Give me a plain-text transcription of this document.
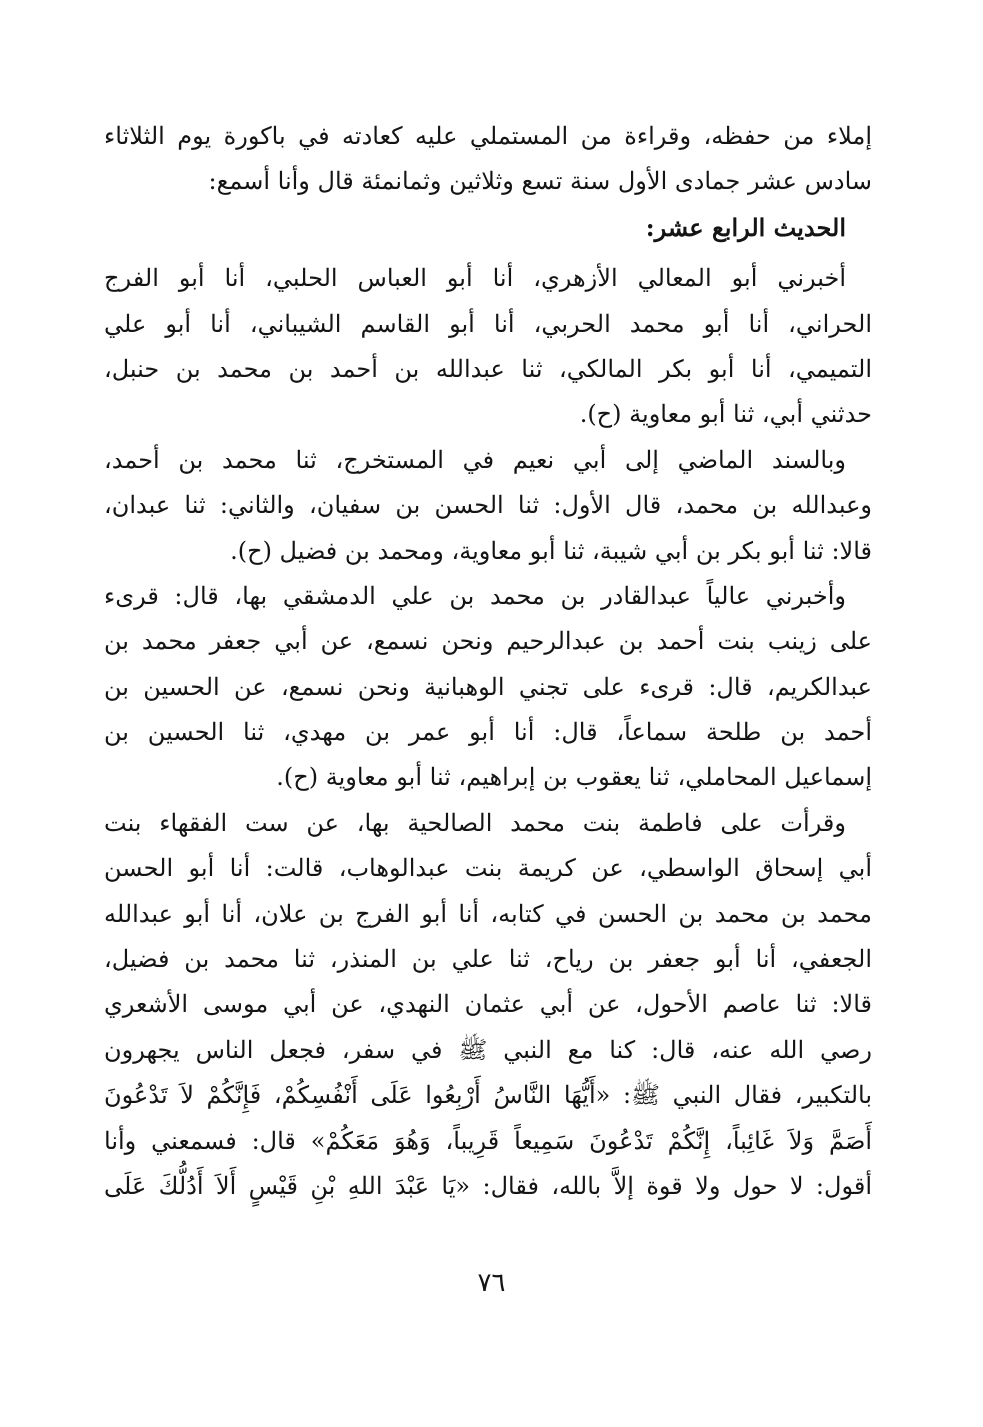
إملاء من حفظه، وقراءة من المستملي عليه كعادته في باكورة يوم الثلاثاء
سادس عشر جمادى الأول سنة تسع وثلاثين وثمانمئة قال وأنا أسمع:
الحديث الرابع عشر:
أخبرني أبو المعالي الأزهري، أنا أبو العباس الحلبي، أنا أبو الفرج
الحراني، أنا أبو محمد الحربي، أنا أبو القاسم الشيباني، أنا أبو علي
التميمي، أنا أبو بكر المالكي، ثنا عبدالله بن أحمد بن محمد بن حنبل،
حدثني أبي، ثنا أبو معاوية (ح).
وبالسند الماضي إلى أبي نعيم في المستخرج، ثنا محمد بن أحمد،
وعبدالله بن محمد، قال الأول: ثنا الحسن بن سفيان، والثاني: ثنا عبدان،
قالا: ثنا أبو بكر بن أبي شيبة، ثنا أبو معاوية، ومحمد بن فضيل (ح).
وأخبرني عالياً عبدالقادر بن محمد بن علي الدمشقي بها، قال: قرىء
على زينب بنت أحمد بن عبدالرحيم ونحن نسمع، عن أبي جعفر محمد بن
عبدالكريم، قال: قرىء على تجني الوهبانية ونحن نسمع، عن الحسين بن
أحمد بن طلحة سماعاً، قال: أنا أبو عمر بن مهدي، ثنا الحسين بن
إسماعيل المحاملي، ثنا يعقوب بن إبراهيم، ثنا أبو معاوية (ح).
وقرأت على فاطمة بنت محمد الصالحية بها، عن ست الفقهاء بنت
أبي إسحاق الواسطي، عن كريمة بنت عبدالوهاب، قالت: أنا أبو الحسن
محمد بن محمد بن الحسن في كتابه، أنا أبو الفرج بن علان، أنا أبو عبدالله
الجعفي، أنا أبو جعفر بن رياح، ثنا علي بن المنذر، ثنا محمد بن فضيل،
قالا: ثنا عاصم الأحول، عن أبي عثمان النهدي، عن أبي موسى الأشعري
رصي الله عنه، قال: كنا مع النبي ﷺ في سفر، فجعل الناس يجهرون
بالتكبير، فقال النبي ﷺ: «أَيُّهَا النَّاسُ أَرْبِعُوا عَلَى أَنْفُسِكُمْ، فَإِنَّكُمْ لاَ تَدْعُونَ
أَصَمَّ وَلاَ غَائِباً، إِنَّكُمْ تَدْعُونَ سَمِيعاً قَرِيباً، وَهُوَ مَعَكُمْ» قال: فسمعني وأنا
أقول: لا حول ولا قوة إلاَّ بالله، فقال: «يَا عَبْدَ اللهِ بْنِ قَيْسٍ أَلاَ أَدُلُّكَ عَلَى
٧٦
